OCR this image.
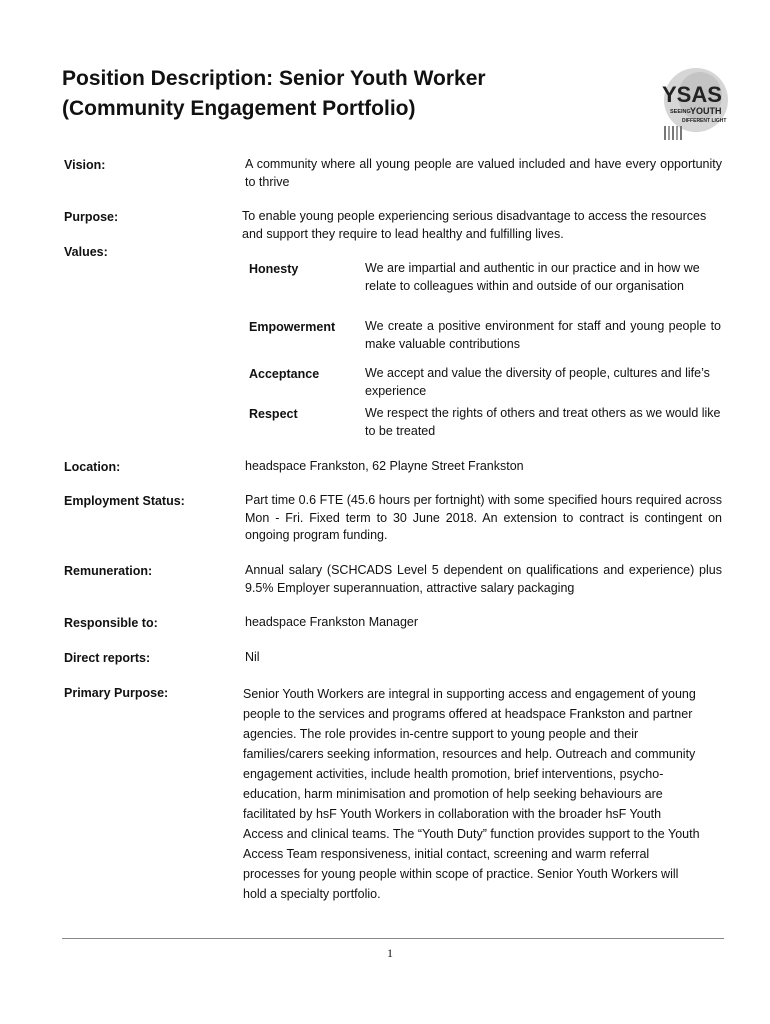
Position Description: Senior Youth Worker
(Community Engagement Portfolio)
YSAS
SEEING YOUTH
DIFFERENT LIGHT
Vision:	A community where all young people are valued included and have every opportunity to thrive
Purpose:	To enable young people experiencing serious disadvantage to access the resources and support they require to lead healthy and fulfilling lives.
Values:
Honesty	We are impartial and authentic in our practice and in how we relate to colleagues within and outside of our organisation
Empowerment We create a positive environment for staff and young people to make valuable contributions
Acceptance	We accept and value the diversity of people, cultures and life’s experience
Respect	We respect the rights of others and treat others as we would like to be treated
Location:	headspace Frankston, 62 Playne Street Frankston
Employment Status:	Part time 0.6 FTE (45.6 hours per fortnight) with some specified hours required across Mon - Fri. Fixed term to 30 June 2018. An extension to contract is contingent on ongoing program funding.
Remuneration:	Annual salary (SCHCADS Level 5 dependent on qualifications and experience) plus 9.5% Employer superannuation, attractive salary packaging
Responsible to:	headspace Frankston Manager
Direct reports:	Nil
Primary Purpose:	Senior Youth Workers are integral in supporting access and engagement of young people to the services and programs offered at headspace Frankston and partner agencies. The role provides in-centre support to young people and their families/carers seeking information, resources and help. Outreach and community engagement activities, include health promotion, brief interventions, psycho-education, harm minimisation and promotion of help seeking behaviours are facilitated by hsF Youth Workers in collaboration with the broader hsF Youth Access and clinical teams. The “Youth Duty” function provides support to the Youth Access Team responsiveness, initial contact, screening and warm referral processes for young people within scope of practice. Senior Youth Workers will hold a specialty portfolio.
1
